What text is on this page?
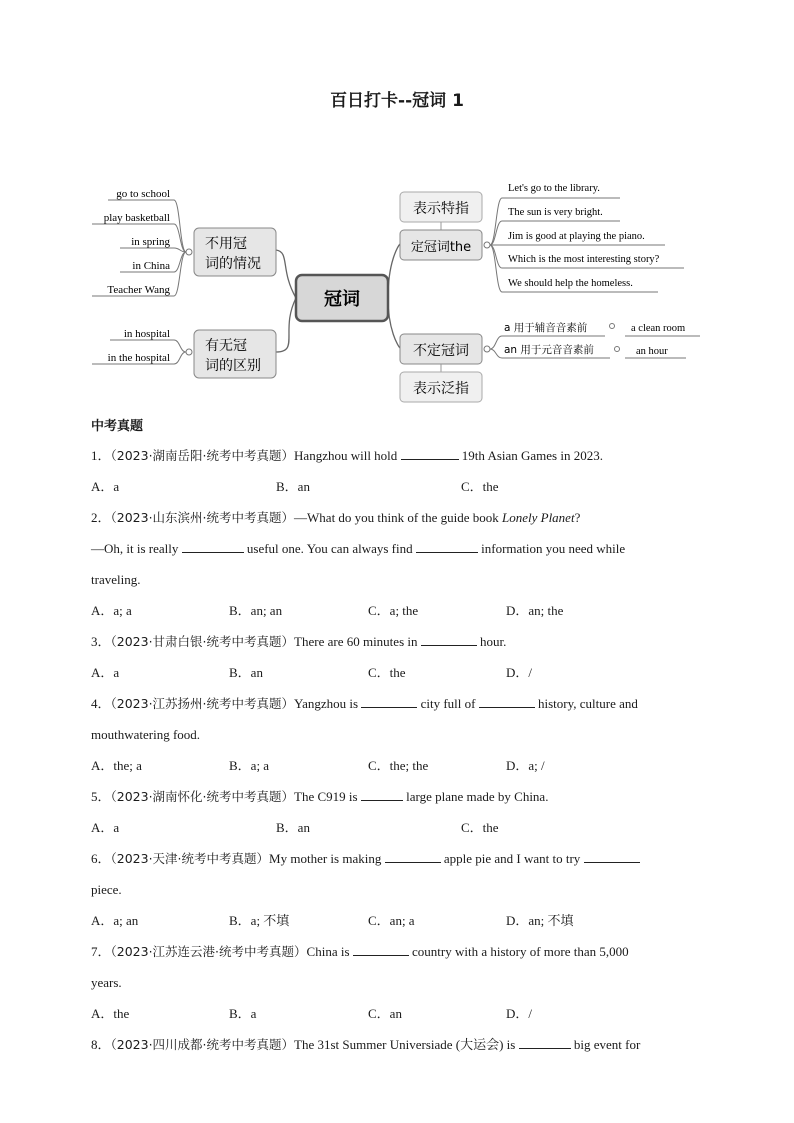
百日打卡--冠词 1
冠词
不用冠
词的情况
go to school
play basketball
in spring
in China
Teacher Wang
有无冠
词的区别
in hospital
in the hospital
表示特指
定冠词the
Let's go to the library.
The sun is very bright.
Jim is good at playing the piano.
Which is the most interesting story?
We should help the homeless.
不定冠词
表示泛指
a 用于辅音音素前
an 用于元音音素前
a clean room
an hour
中考真题
1．（2023·湖南岳阳·统考中考真题）Hangzhou will hold	19th Asian Games in 2023.
A．a	B．an	C．the
2．（2023·山东滨州·统考中考真题）—What do you think of the guide book Lonely Planet?
—Oh, it is really	useful one. You can always find	information you need while
traveling.
A．a; a	B．an; an	C．a; the	D．an; the
3．（2023·甘肃白银·统考中考真题）There are 60 minutes in	hour.
A．a	B．an	C．the	D．/
4．（2023·江苏扬州·统考中考真题）Yangzhou is	city full of	history, culture and
mouthwatering food.
A．the; a	B．a; a	C．the; the	D．a; /
5．（2023·湖南怀化·统考中考真题）The C919 is	large plane made by China.
A．a	B．an	C．the
6．（2023·天津·统考中考真题）My mother is making	apple pie and I want to try
piece.
A．a; an	B．a; 不填	C．an; a	D．an; 不填
7．（2023·江苏连云港·统考中考真题）China is	country with a history of more than 5,000
years.
A．the	B．a	C．an	D．/
8．（2023·四川成都·统考中考真题）The 31st Summer Universiade (大运会) is	big event for
